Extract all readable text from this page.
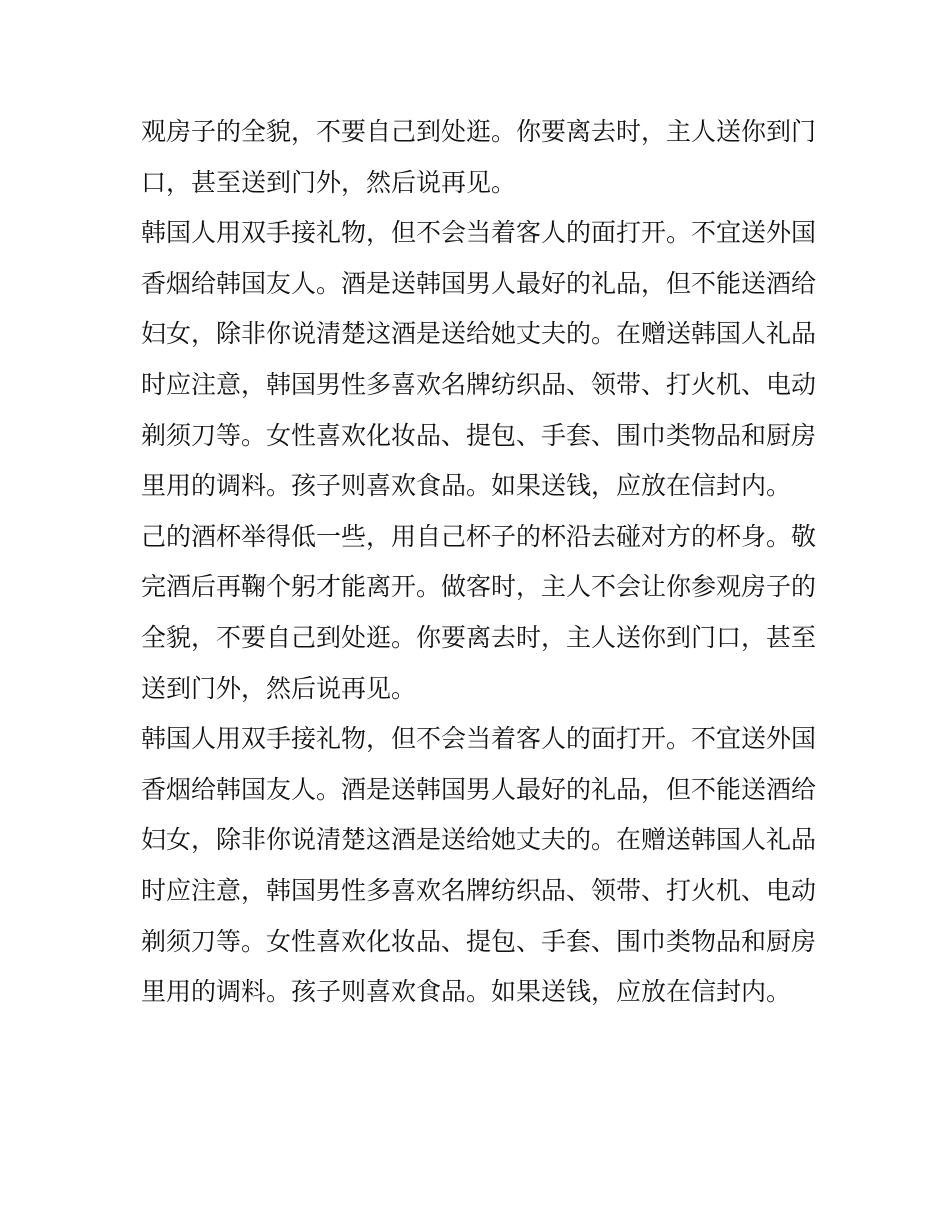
观房子的全貌，不要自己到处逛。你要离去时，主人送你到门
口，甚至送到门外，然后说再见。
韩国人用双手接礼物，但不会当着客人的面打开。不宜送外国
香烟给韩国友人。酒是送韩国男人最好的礼品，但不能送酒给
妇女，除非你说清楚这酒是送给她丈夫的。在赠送韩国人礼品
时应注意，韩国男性多喜欢名牌纺织品、领带、打火机、电动
剃须刀等。女性喜欢化妆品、提包、手套、围巾类物品和厨房
里用的调料。孩子则喜欢食品。如果送钱，应放在信封内。
己的酒杯举得低一些，用自己杯子的杯沿去碰对方的杯身。敬
完酒后再鞠个躬才能离开。做客时，主人不会让你参观房子的
全貌，不要自己到处逛。你要离去时，主人送你到门口，甚至
送到门外，然后说再见。
韩国人用双手接礼物，但不会当着客人的面打开。不宜送外国
香烟给韩国友人。酒是送韩国男人最好的礼品，但不能送酒给
妇女，除非你说清楚这酒是送给她丈夫的。在赠送韩国人礼品
时应注意，韩国男性多喜欢名牌纺织品、领带、打火机、电动
剃须刀等。女性喜欢化妆品、提包、手套、围巾类物品和厨房
里用的调料。孩子则喜欢食品。如果送钱，应放在信封内。
